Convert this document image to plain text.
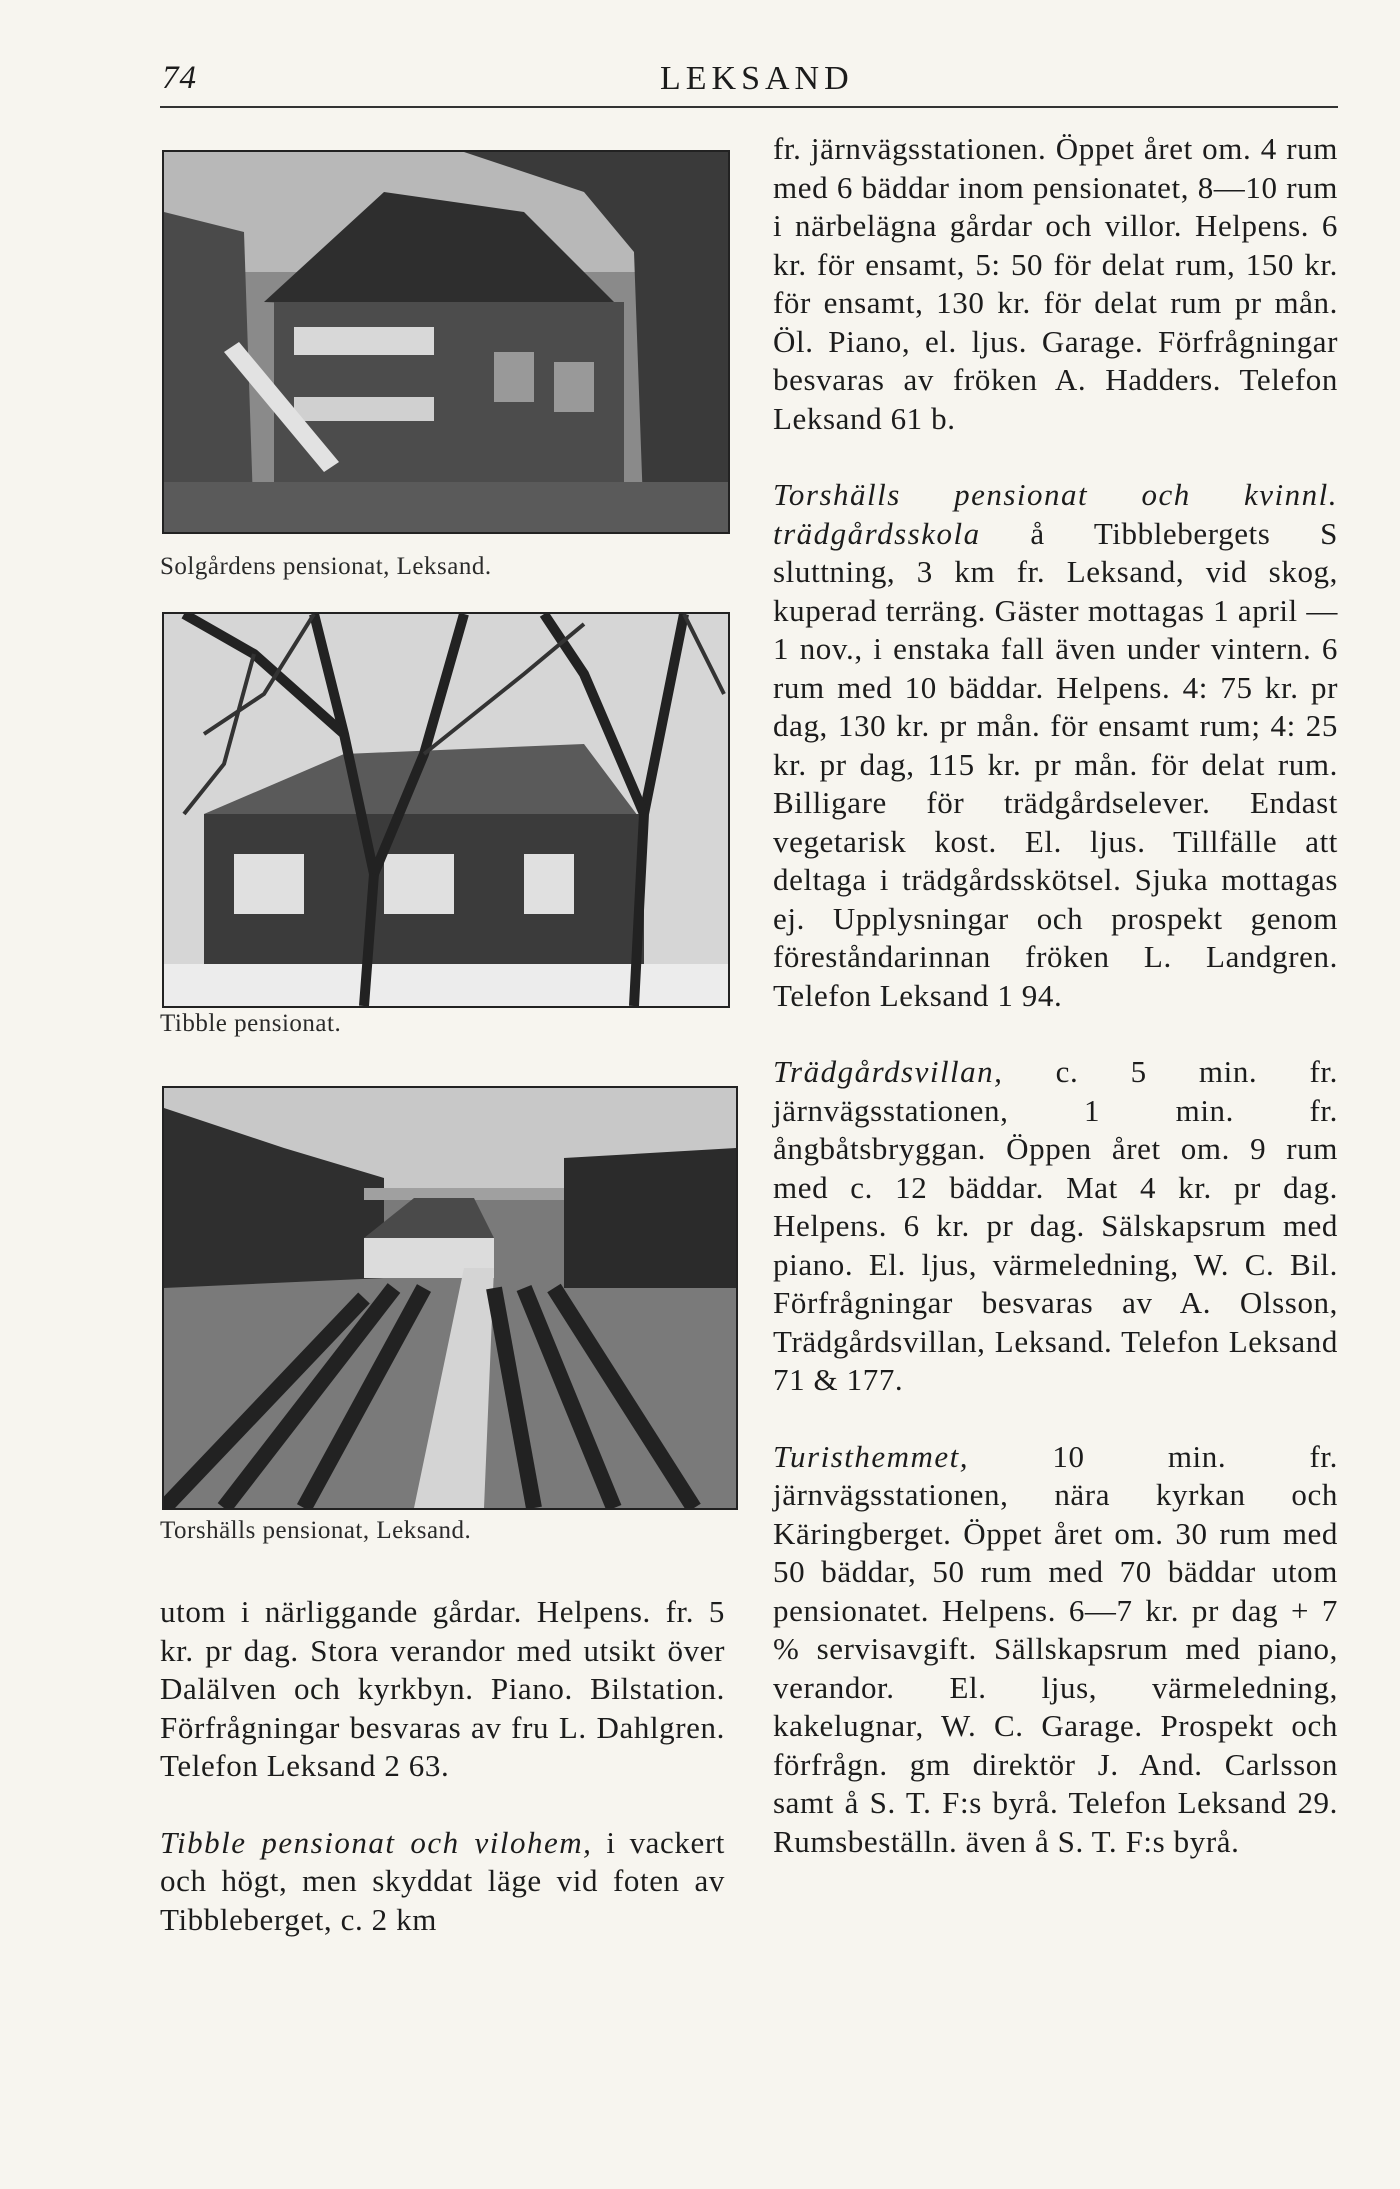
74	LEKSAND
Solgårdens pensionat, Leksand.
Tibble pensionat.
Torshälls pensionat, Leksand.

utom i närliggande gårdar. Helpens. fr. 5 kr. pr dag. Stora verandor med utsikt över Dalälven och kyrkbyn. Piano. Bilstation. Förfrågningar besvaras av fru L. Dahlgren. Telefon Leksand 2 63.

Tibble pensionat och vilohem, i vackert och högt, men skyddat läge vid foten av Tibbleberget, c. 2 km

fr. järnvägsstationen. Öppet året om. 4 rum med 6 bäddar inom pensionatet, 8—10 rum i närbelägna gårdar och villor. Helpens. 6 kr. för ensamt, 5: 50 för delat rum, 150 kr. för ensamt, 130 kr. för delat rum pr mån. Öl. Piano, el. ljus. Garage. Förfrågningar besvaras av fröken A. Hadders. Telefon Leksand 61 b.

Torshälls pensionat och kvinnl. trädgårdsskola å Tibblebergets S sluttning, 3 km fr. Leksand, vid skog, kuperad terräng. Gäster mottagas 1 april —1 nov., i enstaka fall även under vintern. 6 rum med 10 bäddar. Helpens. 4: 75 kr. pr dag, 130 kr. pr mån. för ensamt rum; 4: 25 kr. pr dag, 115 kr. pr mån. för delat rum. Billigare för trädgårdselever. Endast vegetarisk kost. El. ljus. Tillfälle att deltaga i trädgårdsskötsel. Sjuka mottagas ej. Upplysningar och prospekt genom föreståndarinnan fröken L. Landgren. Telefon Leksand 1 94.

Trädgårdsvillan, c. 5 min. fr. järnvägsstationen, 1 min. fr. ångbåtsbryggan. Öppen året om. 9 rum med c. 12 bäddar. Mat 4 kr. pr dag. Helpens. 6 kr. pr dag. Sälskapsrum med piano. El. ljus, värmeledning, W. C. Bil. Förfrågningar besvaras av A. Olsson, Trädgårdsvillan, Leksand. Telefon Leksand 71 & 177.

Turisthemmet,	10 min. fr. järnvägsstationen, nära kyrkan och Käringberget. Öppet året om. 30 rum med 50 bäddar, 50 rum med 70 bäddar utom pensionatet. Helpens. 6—7 kr. pr dag + 7 % servisavgift. Sällskapsrum med piano, verandor. El. ljus, värmeledning, kakelugnar, W. C. Garage. Prospekt och förfrågn. gm direktör J. And. Carlsson samt å S. T. F:s byrå. Telefon Leksand 29. Rumsbeställn. även å S. T. F:s byrå.
